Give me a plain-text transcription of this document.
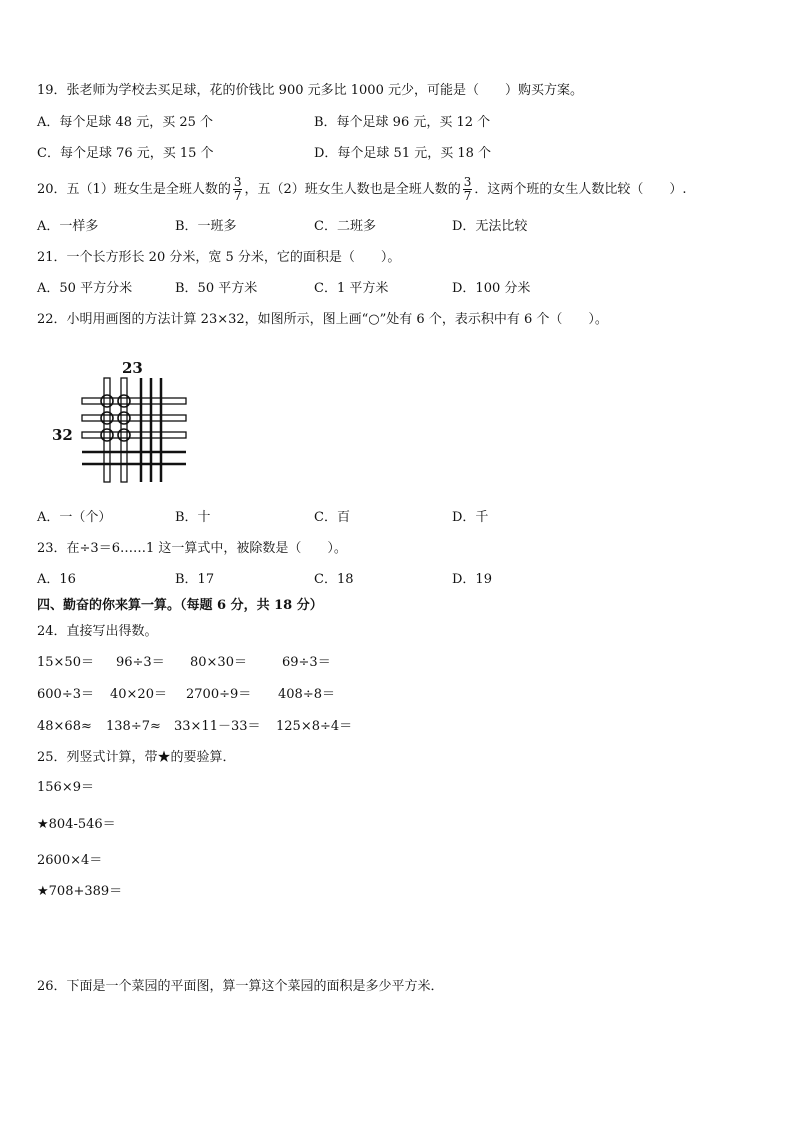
19．张老师为学校去买足球，花的价钱比 900 元多比 1000 元少，可能是（　　）购买方案。
A．每个足球 48 元，买 25 个	B．每个足球 96 元，买 12 个
C．每个足球 76 元，买 15 个	D．每个足球 51 元，买 18 个
20．五（1）班女生是全班人数的 $\frac{3}{7}$ ，五（2）班女生人数也是全班人数的 $\frac{3}{7}$ ．这两个班的女生人数比较（　　）.
A．一样多	B．一班多	C．二班多	D．无法比较
21．一个长方形长 20 分米，宽 5 分米，它的面积是（　　）。
A．50 平方分米	B．50 平方米	C．1 平方米	D．100 分米
22．小明用画图的方法计算 23×32，如图所示，图上画“○”处有 6 个，表示积中有 6 个（　　）。
23
32
A．一（个）	B．十	C．百	D．千
23．在÷3＝6……1 这一算式中，被除数是（　　）。
A．16	B．17	C．18	D．19
四、勤奋的你来算一算。（每题 6 分，共 18 分）
24．直接写出得数。
15×50＝ 96÷3＝ 80×30＝	69÷3＝
600÷3＝ 40×20＝ 2700÷9＝ 408÷8＝
48×68≈ 138÷7≈ 33×11－33＝ 125×8÷4＝
25．列竖式计算，带★的要验算．
156×9＝
★804-546＝
2600×4＝
★708+389＝
26．下面是一个菜园的平面图，算一算这个菜园的面积是多少平方米．
